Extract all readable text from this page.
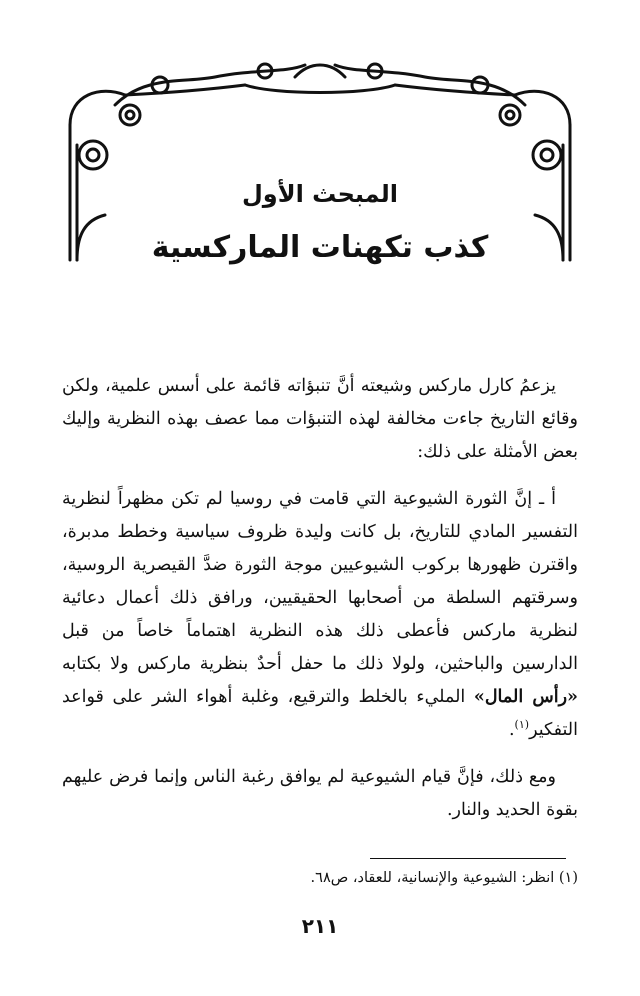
المبحث الأول
كذب تكهنات الماركسية

يزعمُ كارل ماركس وشيعته أنَّ تنبؤاته قائمة على أسس علمية، ولكن وقائع التاريخ جاءت مخالفة لهذه التنبؤات مما عصف بهذه النظرية وإليك بعض الأمثلة على ذلك:

أ ـ إنَّ الثورة الشيوعية التي قامت في روسيا لم تكن مظهراً لنظرية التفسير المادي للتاريخ، بل كانت وليدة ظروف سياسية وخطط مدبرة، واقترن ظهورها بركوب الشيوعيين موجة الثورة ضدَّ القيصرية الروسية، وسرقتهم السلطة من أصحابها الحقيقيين، ورافق ذلك أعمال دعائية لنظرية ماركس فأعطى ذلك هذه النظرية اهتماماً خاصاً من قبل الدارسين والباحثين، ولولا ذلك ما حفل أحدٌ بنظرية ماركس ولا بكتابه «رأس المال» المليء بالخلط والترقيع، وغلبة أهواء الشر على قواعد التفكير$^{(١)}$.

ومع ذلك، فإنَّ قيام الشيوعية لم يوافق رغبة الناس وإنما فرض عليهم بقوة الحديد والنار.

(١) انظر: الشيوعية والإنسانية، للعقاد، ص٦٨.
٢١١
